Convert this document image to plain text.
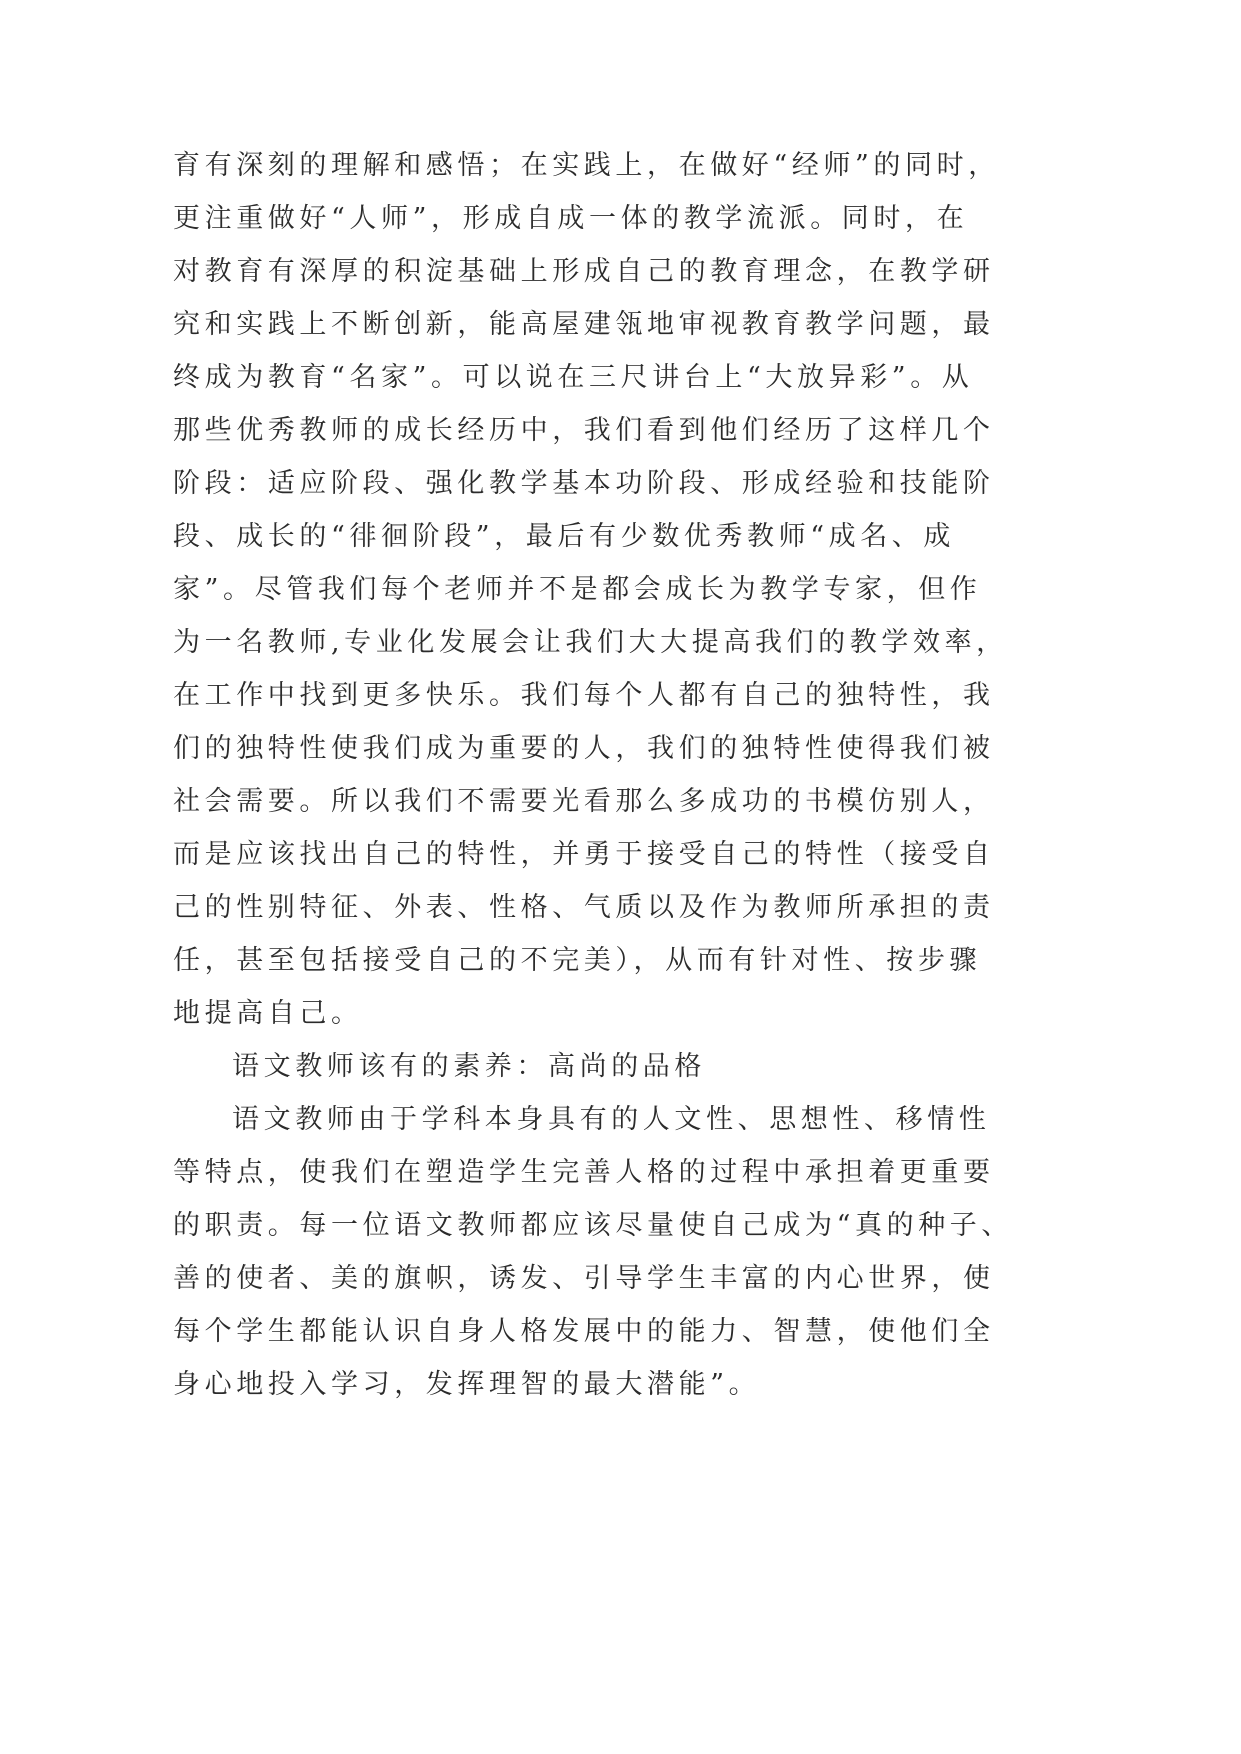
育有深刻的理解和感悟；在实践上，在做好“经师”的同时，
更注重做好“人师”，形成自成一体的教学流派。同时，在
对教育有深厚的积淀基础上形成自己的教育理念，在教学研
究和实践上不断创新，能高屋建瓴地审视教育教学问题，最
终成为教育“名家”。可以说在三尺讲台上“大放异彩”。从
那些优秀教师的成长经历中，我们看到他们经历了这样几个
阶段：适应阶段、强化教学基本功阶段、形成经验和技能阶
段、成长的“徘徊阶段”，最后有少数优秀教师“成名、成
家”。尽管我们每个老师并不是都会成长为教学专家，但作
为一名教师,专业化发展会让我们大大提高我们的教学效率，
在工作中找到更多快乐。我们每个人都有自己的独特性，我
们的独特性使我们成为重要的人，我们的独特性使得我们被
社会需要。所以我们不需要光看那么多成功的书模仿别人，
而是应该找出自己的特性，并勇于接受自己的特性（接受自
己的性别特征、外表、性格、气质以及作为教师所承担的责
任，甚至包括接受自己的不完美），从而有针对性、按步骤
地提高自己。
语文教师该有的素养：高尚的品格
语文教师由于学科本身具有的人文性、思想性、移情性
等特点，使我们在塑造学生完善人格的过程中承担着更重要
的职责。每一位语文教师都应该尽量使自己成为“真的种子、
善的使者、美的旗帜，诱发、引导学生丰富的内心世界，使
每个学生都能认识自身人格发展中的能力、智慧，使他们全
身心地投入学习，发挥理智的最大潜能”。
